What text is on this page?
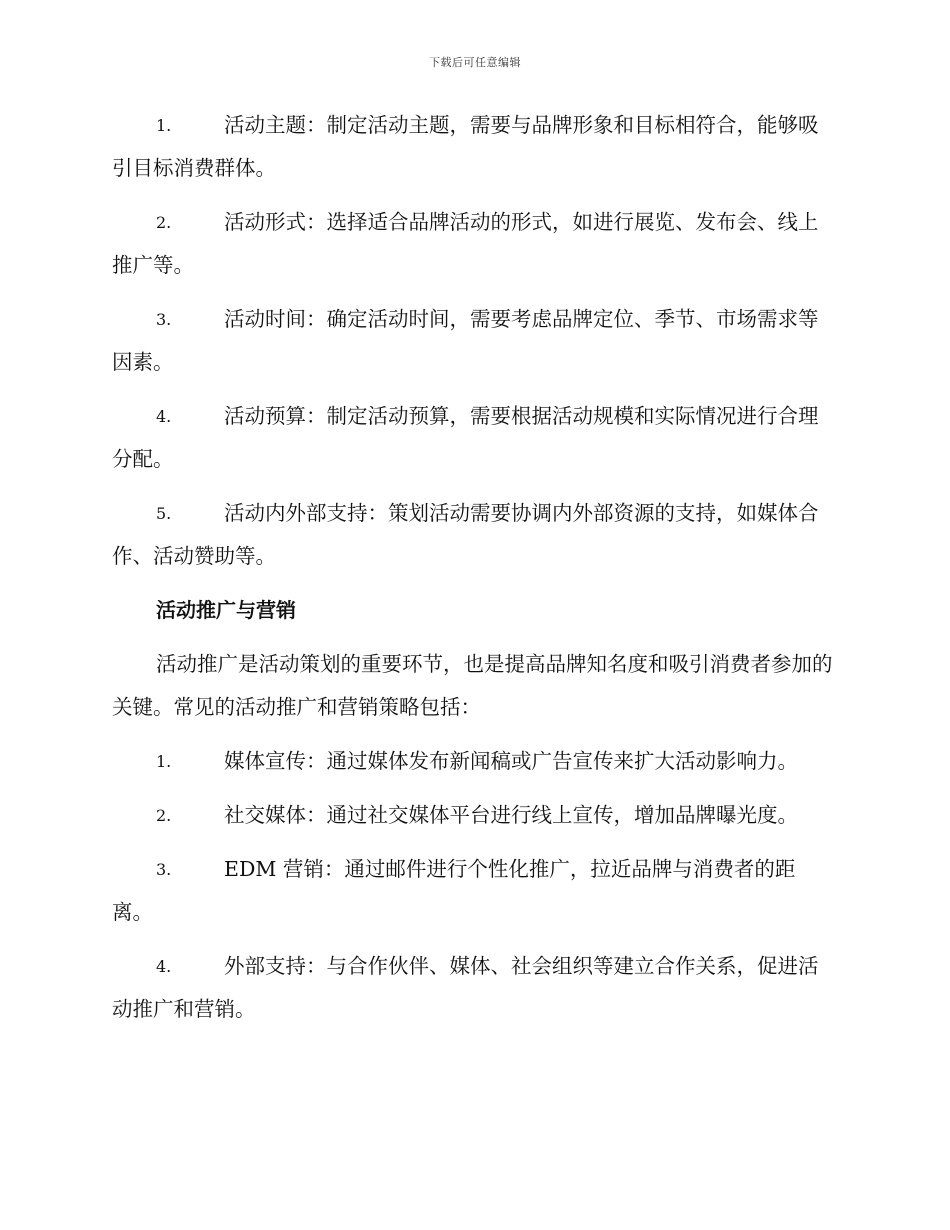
下载后可任意编辑
1.	活动主题：制定活动主题，需要与品牌形象和目标相符合，能够吸引目标消费群体。
2.	活动形式：选择适合品牌活动的形式，如进行展览、发布会、线上推广等。
3.	活动时间：确定活动时间，需要考虑品牌定位、季节、市场需求等因素。
4.	活动预算：制定活动预算，需要根据活动规模和实际情况进行合理分配。
5.	活动内外部支持：策划活动需要协调内外部资源的支持，如媒体合作、活动赞助等。
活动推广与营销
活动推广是活动策划的重要环节，也是提高品牌知名度和吸引消费者参加的关键。常见的活动推广和营销策略包括：
1.	媒体宣传：通过媒体发布新闻稿或广告宣传来扩大活动影响力。
2.	社交媒体：通过社交媒体平台进行线上宣传，增加品牌曝光度。
3.	EDM 营销：通过邮件进行个性化推广，拉近品牌与消费者的距离。
4.	外部支持：与合作伙伴、媒体、社会组织等建立合作关系，促进活动推广和营销。
